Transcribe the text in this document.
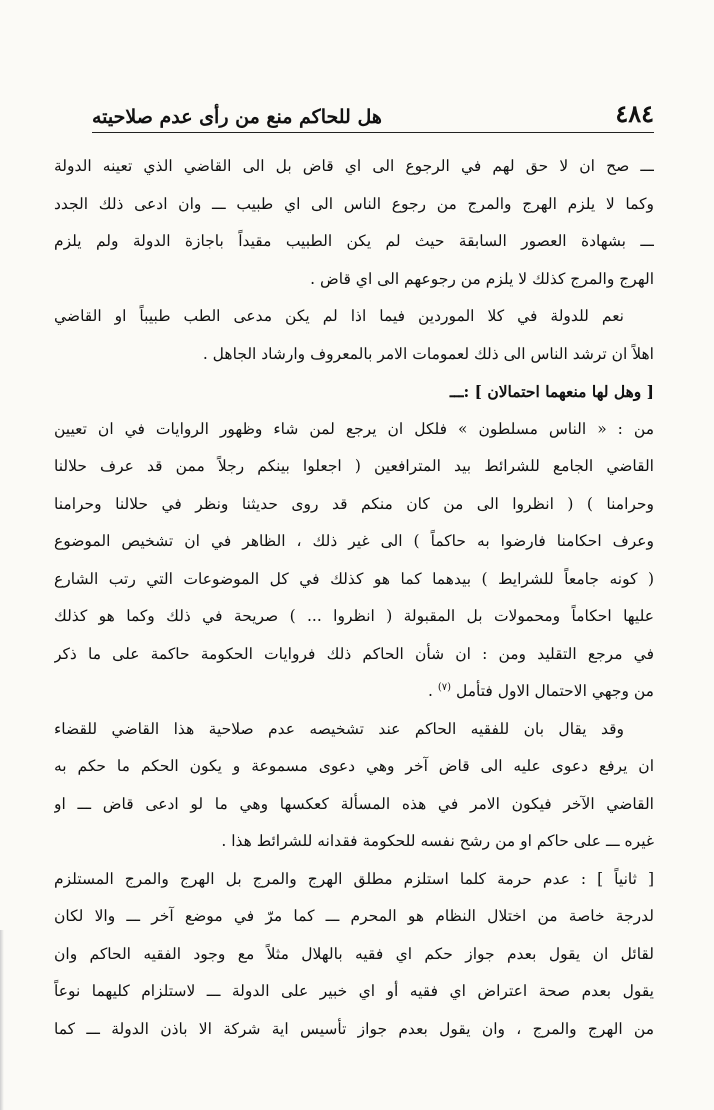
٤٨٤
هل للحاكم منع من رأى عدم صلاحيته
ـــ صح ان لا حق لهم في الرجوع الى اي قاض بل الى القاضي الذي تعينه الدولة
وكما لا يلزم الهرج والمرج من رجوع الناس الى اي طبيب ـــ وان ادعى ذلك الجدد
ـــ بشهادة العصور السابقة حيث لم يكن الطبيب مقيداً باجازة الدولة ولم يلزم
الهرج والمرج كذلك لا يلزم من رجوعهم الى اي قاض .
نعم للدولة في كلا الموردين فيما اذا لم يكن مدعى الطب طبيباً او القاضي
اهلاً ان ترشد الناس الى ذلك لعمومات الامر بالمعروف وارشاد الجاهل .
[ وهل لها منعهما احتمالان ] :ـــ
من : « الناس مسلطون » فلكل ان يرجع لمن شاء وظهور الروايات في ان تعيين
القاضي الجامع للشرائط بيد المترافعين ( اجعلوا بينكم رجلاً ممن قد عرف حلالنا
وحرامنا ) ( انظروا الى من كان منكم قد روى حديثنا ونظر في حلالنا وحرامنا
وعرف احكامنا فارضوا به حاكماً ) الى غير ذلك ، الظاهر في ان تشخيص الموضوع
( كونه جامعاً للشرايط ) بيدهما كما هو كذلك في كل الموضوعات التي رتب الشارع
عليها احكاماً ومحمولات بل المقبولة ( انظروا ... ) صريحة في ذلك وكما هو كذلك
في مرجع التقليد ومن : ان شأن الحاكم ذلك فروايات الحكومة حاكمة على ما ذكر
من وجهي الاحتمال الاول فتأمل $^{(٧)}$ .
وقد يقال بان للفقيه الحاكم عند تشخيصه عدم صلاحية هذا القاضي للقضاء
ان يرفع دعوى عليه الى قاض آخر وهي دعوى مسموعة و يكون الحكم ما حكم به
القاضي الآخر فيكون الامر في هذه المسألة كعكسها وهي ما لو ادعى قاض ـــ او
غيره ـــ على حاكم او من رشح نفسه للحكومة فقدانه للشرائط هذا .
[ ثانياً ] : عدم حرمة كلما استلزم مطلق الهرج والمرج بل الهرج والمرج المستلزم
لدرجة خاصة من اختلال النظام هو المحرم ـــ كما مرّ في موضع آخر ـــ والا لكان
لقائل ان يقول بعدم جواز حكم اي فقيه بالهلال مثلاً مع وجود الفقيه الحاكم وان
يقول بعدم صحة اعتراض اي فقيه أو اي خبير على الدولة ـــ لاستلزام كليهما نوعاً
من الهرج والمرج ، وان يقول بعدم جواز تأسيس اية شركة الا باذن الدولة ـــ كما
